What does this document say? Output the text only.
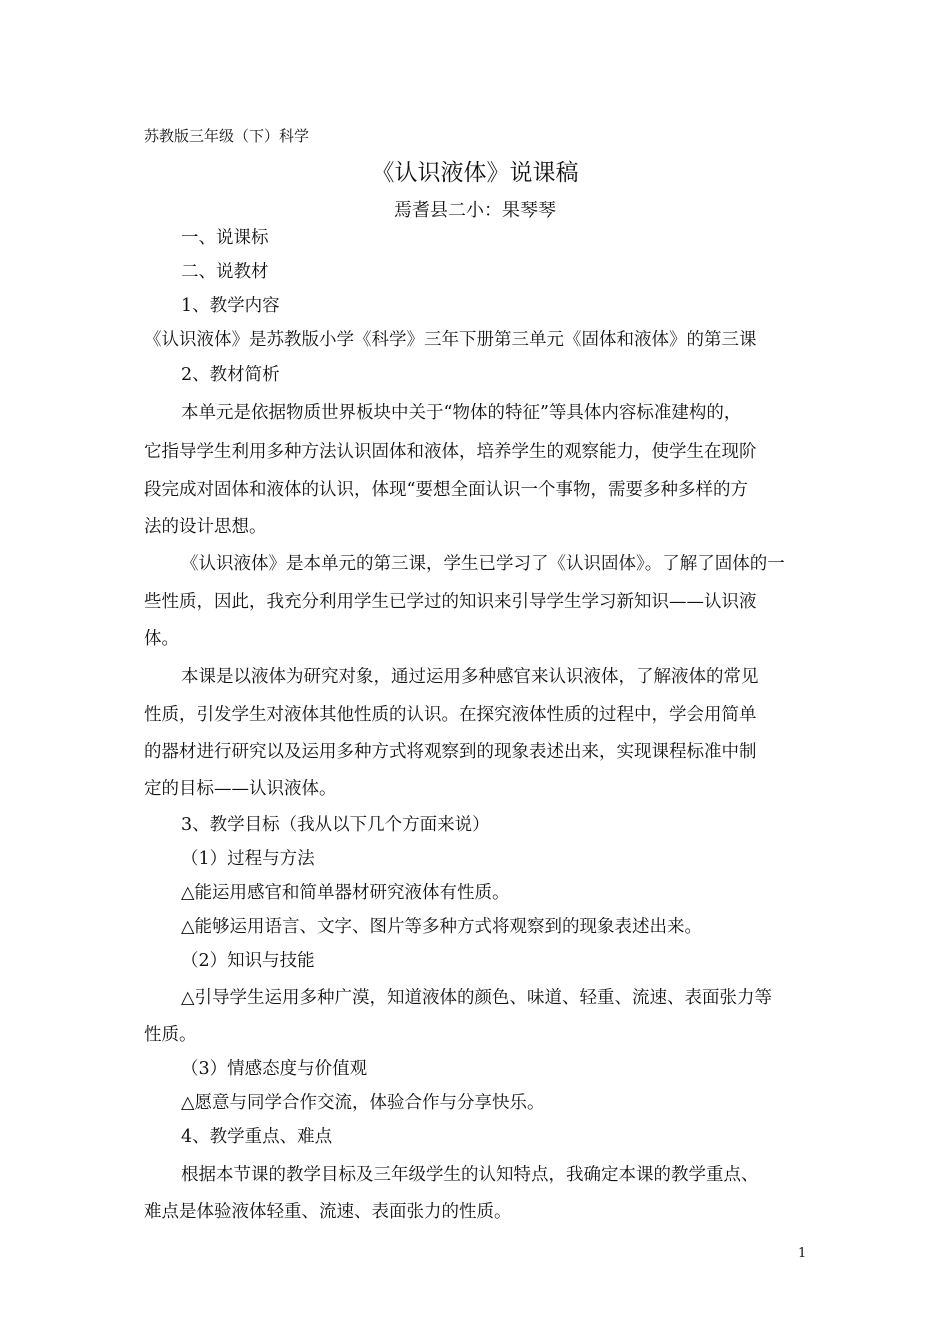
苏教版三年级（下）科学
《认识液体》说课稿
焉耆县二小：果琴琴
一、说课标
二、说教材
1、教学内容
《认识液体》是苏教版小学《科学》三年下册第三单元《固体和液体》的第三课
2、教材简析
本单元是依据物质世界板块中关于“物体的特征”等具体内容标准建构的，
它指导学生利用多种方法认识固体和液体，培养学生的观察能力，使学生在现阶
段完成对固体和液体的认识，体现“要想全面认识一个事物，需要多种多样的方
法的设计思想。
《认识液体》是本单元的第三课，学生已学习了《认识固体》。了解了固体的一
些性质，因此，我充分利用学生已学过的知识来引导学生学习新知识——认识液
体。
本课是以液体为研究对象，通过运用多种感官来认识液体，了解液体的常见
性质，引发学生对液体其他性质的认识。在探究液体性质的过程中，学会用简单
的器材进行研究以及运用多种方式将观察到的现象表述出来，实现课程标准中制
定的目标——认识液体。
3、教学目标（我从以下几个方面来说）
（1）过程与方法
△能运用感官和简单器材研究液体有性质。
△能够运用语言、文字、图片等多种方式将观察到的现象表述出来。
（2）知识与技能
△引导学生运用多种广漠，知道液体的颜色、味道、轻重、流速、表面张力等
性质。
（3）情感态度与价值观
△愿意与同学合作交流，体验合作与分享快乐。
4、教学重点、难点
根据本节课的教学目标及三年级学生的认知特点，我确定本课的教学重点、
难点是体验液体轻重、流速、表面张力的性质。
1
